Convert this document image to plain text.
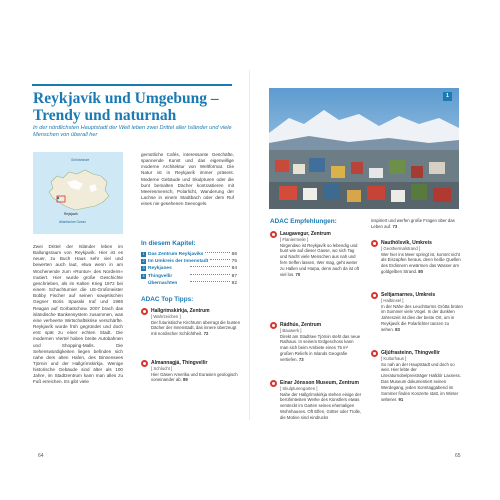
Reykjavík und Umgebung – Trendy und naturnah
In der nördlichsten Hauptstadt der Welt leben zwei Drittel aller Isländer und viele Menschen von überall her
Grönlandsee
Atlantischer Ozean
Reykjavík
Zwei Drittel der Isländer leben im Ballungsraum von Reykjavík. Hier ist es neuer, zu Buch Haus sehr viel und bewerten auch laut, etwa wenn in am Wochenende zum »Runtur« des Nordens« mutiert. Hier wurde große Geschichte geschrieben, als im Kalten Krieg 1972 bei einem Schachturnier die US-Großmeister Bobby Fischer auf seinen sowjetischen Gegner Boris Spasski traf und 1986 Reagan auf Gorbatschow. 2007 brach das isländische Bankensystem zusammen, was eine verheerte Wirtschaftskrise verschärfte. Reykjavík wurde früh gegründet und doch erst spät zu einer echten Stadt. Die modernen Viertel haben breite Autobahnen und Shopping-Malls. Die Sehenswürdigkeiten liegen befinden sich nahe dem alten Hafen, des Binnensees Tjörnin und der Hallgrímskirkja. Wenige historische Gebäude sind älter als 100 Jahre, im Stadtzentrum kann man alles zu Fuß erreichen. Es gibt viele
gemütliche Cafés, interessante Geschäfte, spannende Kunst und das eigenwillige moderne Architektur von Weltformat. Die Natur ist in Reykjavík immer präsent. Moderne Gebäude und Skulpturen oder die bunt bemalten Dächer kontrastieren mit Meeresmensch, Polarlicht, Wanderung der Lachse in einem Stadtbach oder dem Ruf eines nie gesehenen Seevogels.
In diesem Kapitel:
1 Das Zentrum Reykjavíks	66
2 Im Umkreis der Innenstadt	75
3 Reykjanes	84
4 Thingvellir	87
Übernachten	92
ADAC Top Tipps:
Hallgrímskirkja, Zentrum
[ Wahrzeichen ]
Der futuristische Kirchturm überragt die bunten Dächer der Innenstadt, das innere überzeugt mit nordischer Schlichtheit. 72
Almannagjá, Thingvellir
[ Schlucht ]
Hier Gäsen Amerika und Eurasien geologisch voneinander ab. 89
64
1
ADAC Empfehlungen:
Laugavegur, Zentrum
[ Flaniermeile ]
Nirgendwo ist Reykjavík so lebendig und bunt wie auf dieser Gasse, wo sich Tag und Nacht viele Menschen aus nah und fern treffen lassen. Wer mag, geht weiter zu Hallen und Harpa, denn auch da ist oft viel los. 70
Rádhús, Zentrum
[ Bauwerk ]
Direkt am Stadtsee Tjörnin steht das neue Rathaus. In seinem Erdgeschoss kann man sich beim Ambiete eines 75 m² großen Reliefs in Islands Geografie vertiefen. 73
Einar Jónsson Museum, Zentrum
[ Skulpturengarten ]
Nahe der Hallgrímskirkja stehen einige der berühmtesten Werke des Künstlers etwas versteckt im Garten seines ehemaligen Wohnhauses. Oft Elfen, Götter oder Trolle, die Motive sind eindrucks
inspiriert und werfen große Fragen über das Leben auf. 73
Nauthólsvík, Umkreis
[ Geothermalstrand ]
Wer hier ins Meer springt ist, kommt nicht als Eiszapfen heraus, denn heiße Quellen des Erdinnern erwärmen das Wasser am goldgelben Strand. 80
Seltjarnarnes, Umkreis
[ Halbinsel ]
In der Nähe des Leuchtturms Grótta brüten im Sommer viele Vögel. In der dunklen Jahreszeit ist dies der beste Ort, um in Reykjavík die Polarlichter tanzen zu sehen. 83
Gljúfrasteinn, Thingvellir
[ Kulturhaus ]
So nah an der Hauptstadt und doch so weit. Hier lebte der Literaturnobelpreisträger Halldór Laxness. Das Museum dokumentiert seinen Werdegang, jeden Sonntaggabend im Sommer finden Konzerte statt, im Winter seltener. 91
65
